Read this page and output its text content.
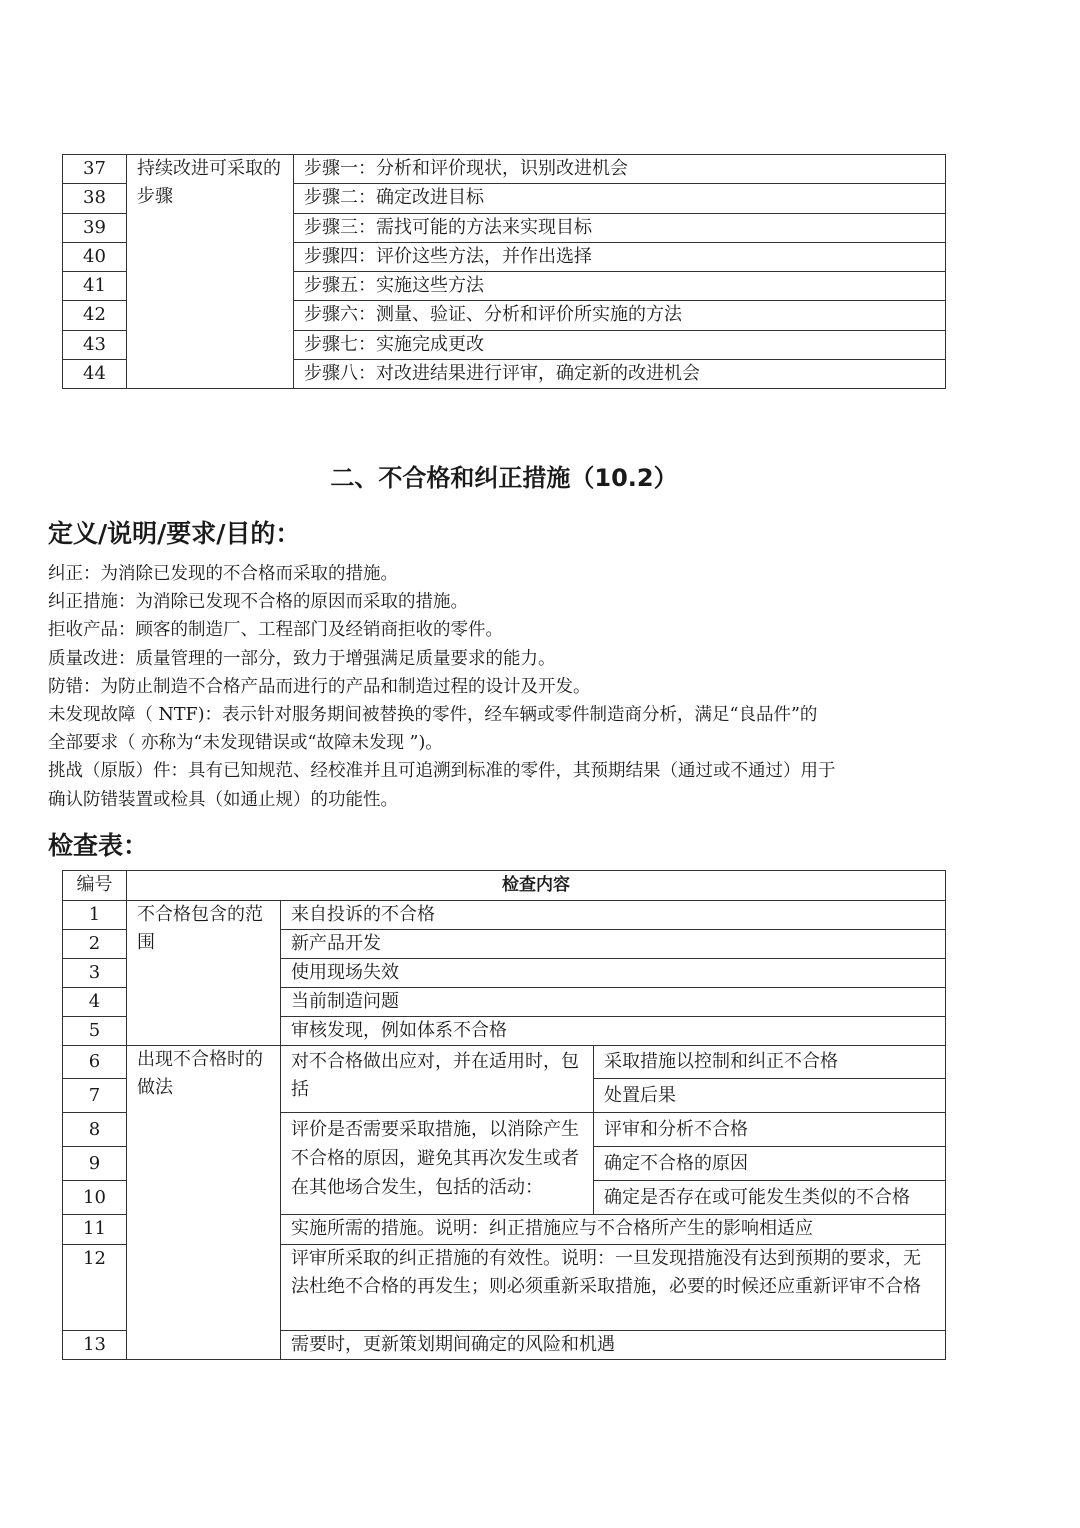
37	持续改进可采取的步骤	步骤一：分析和评价现状，识别改进机会
38		步骤二：确定改进目标
39		步骤三：需找可能的方法来实现目标
40		步骤四：评价这些方法，并作出选择
41		步骤五：实施这些方法
42		步骤六：测量、验证、分析和评价所实施的方法
43		步骤七：实施完成更改
44		步骤八：对改进结果进行评审，确定新的改进机会
二、不合格和纠正措施（10.2）
定义/说明/要求/目的：
纠正：为消除已发现的不合格而采取的措施。
纠正措施：为消除已发现不合格的原因而采取的措施。
拒收产品：顾客的制造厂、工程部门及经销商拒收的零件。
质量改进：质量管理的一部分，致力于增强满足质量要求的能力。
防错：为防止制造不合格产品而进行的产品和制造过程的设计及开发。
未发现故障（ NTF)：表示针对服务期间被替换的零件，经车辆或零件制造商分析，满足“良品件”的
全部要求（ 亦称为“未发现错误或“故障未发现 ”)。
挑战（原版）件：具有已知规范、经校准并且可追溯到标准的零件，其预期结果（通过或不通过）用于
确认防错装置或检具（如通止规）的功能性。
检查表：
编号	检查内容		
1	不合格包含的范围	来自投诉的不合格	
2		新产品开发	
3		使用现场失效	
4		当前制造问题	
5		审核发现，例如体系不合格	
6	出现不合格时的做法	对不合格做出应对，并在适用时，包括	采取措施以控制和纠正不合格
7			处置后果
8		评价是否需要采取措施，以消除产生不合格的原因，避免其再次发生或者在其他场合发生，包括的活动：	评审和分析不合格
9			确定不合格的原因
10			确定是否存在或可能发生类似的不合格
11		实施所需的措施。说明：纠正措施应与不合格所产生的影响相适应	
12		评审所采取的纠正措施的有效性。说明：一旦发现措施没有达到预期的要求，无法杜绝不合格的再发生；则必须重新采取措施，必要的时候还应重新评审不合格	
13		需要时，更新策划期间确定的风险和机遇	
